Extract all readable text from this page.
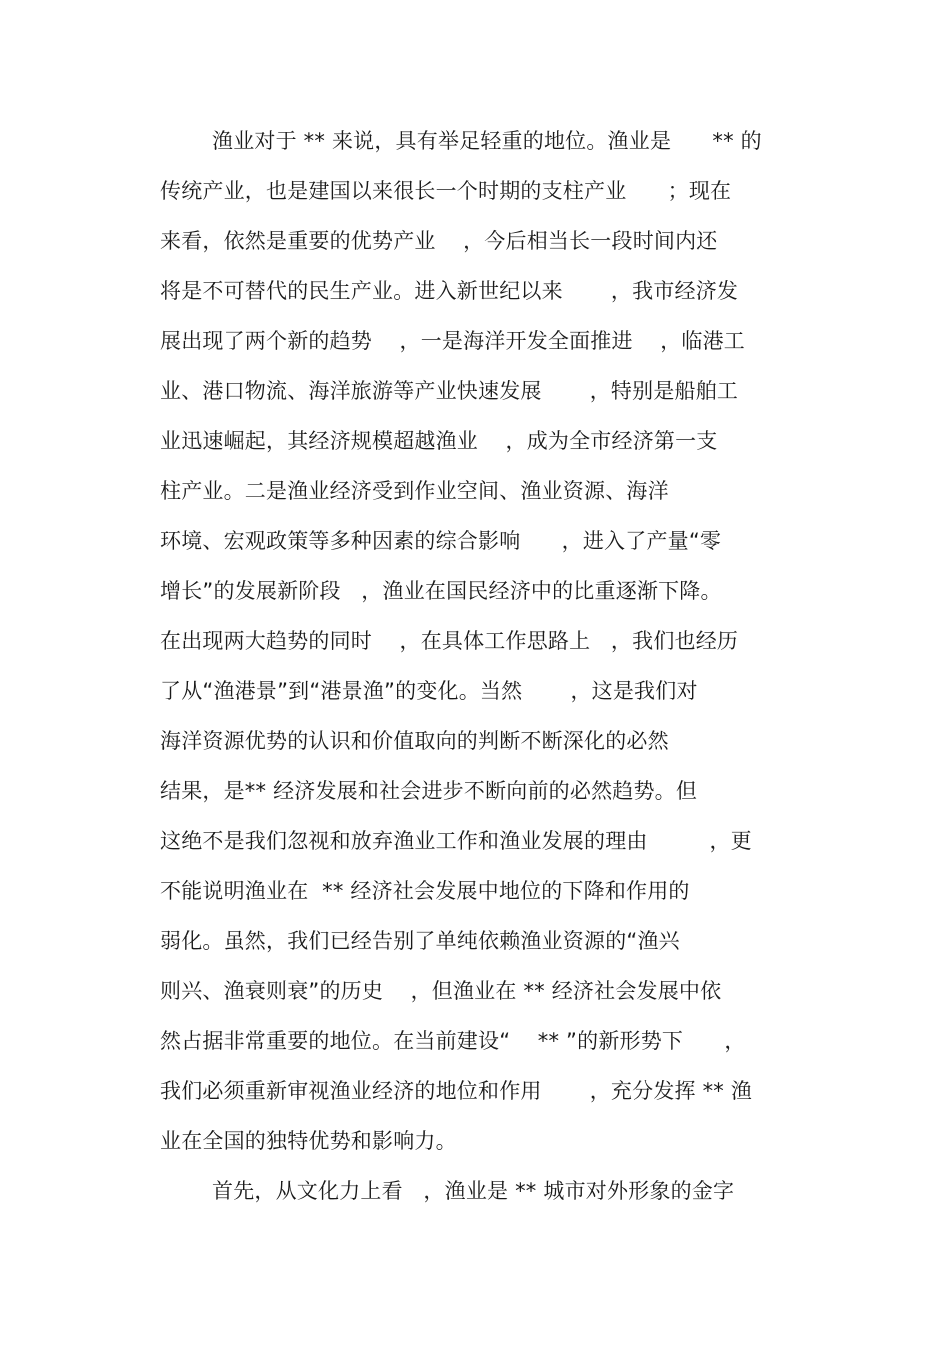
渔业对于 ** 来说，具有举足轻重的地位。渔业是      ** 的
传统产业，也是建国以来很长一个时期的支柱产业      ；现在
来看，依然是重要的优势产业    ，今后相当长一段时间内还
将是不可替代的民生产业。进入新世纪以来       ，我市经济发
展出现了两个新的趋势    ，一是海洋开发全面推进    ，临港工
业、港口物流、海洋旅游等产业快速发展       ，特别是船舶工
业迅速崛起，其经济规模超越渔业    ，成为全市经济第一支
柱产业。二是渔业经济受到作业空间、渔业资源、海洋
环境、宏观政策等多种因素的综合影响      ，进入了产量“零
增长”的发展新阶段   ，渔业在国民经济中的比重逐渐下降。
在出现两大趋势的同时    ，在具体工作思路上   ，我们也经历
了从“渔港景”到“港景渔”的变化。当然       ，这是我们对
海洋资源优势的认识和价值取向的判断不断深化的必然
结果，是** 经济发展和社会进步不断向前的必然趋势。但
这绝不是我们忽视和放弃渔业工作和渔业发展的理由         ，更
不能说明渔业在  ** 经济社会发展中地位的下降和作用的
弱化。虽然，我们已经告别了单纯依赖渔业资源的“渔兴
则兴、渔衰则衰”的历史    ，但渔业在 ** 经济社会发展中依
然占据非常重要的地位。在当前建设“    ** ”的新形势下      ，
我们必须重新审视渔业经济的地位和作用       ，充分发挥 ** 渔
业在全国的独特优势和影响力。
首先，从文化力上看   ，渔业是 ** 城市对外形象的金字
